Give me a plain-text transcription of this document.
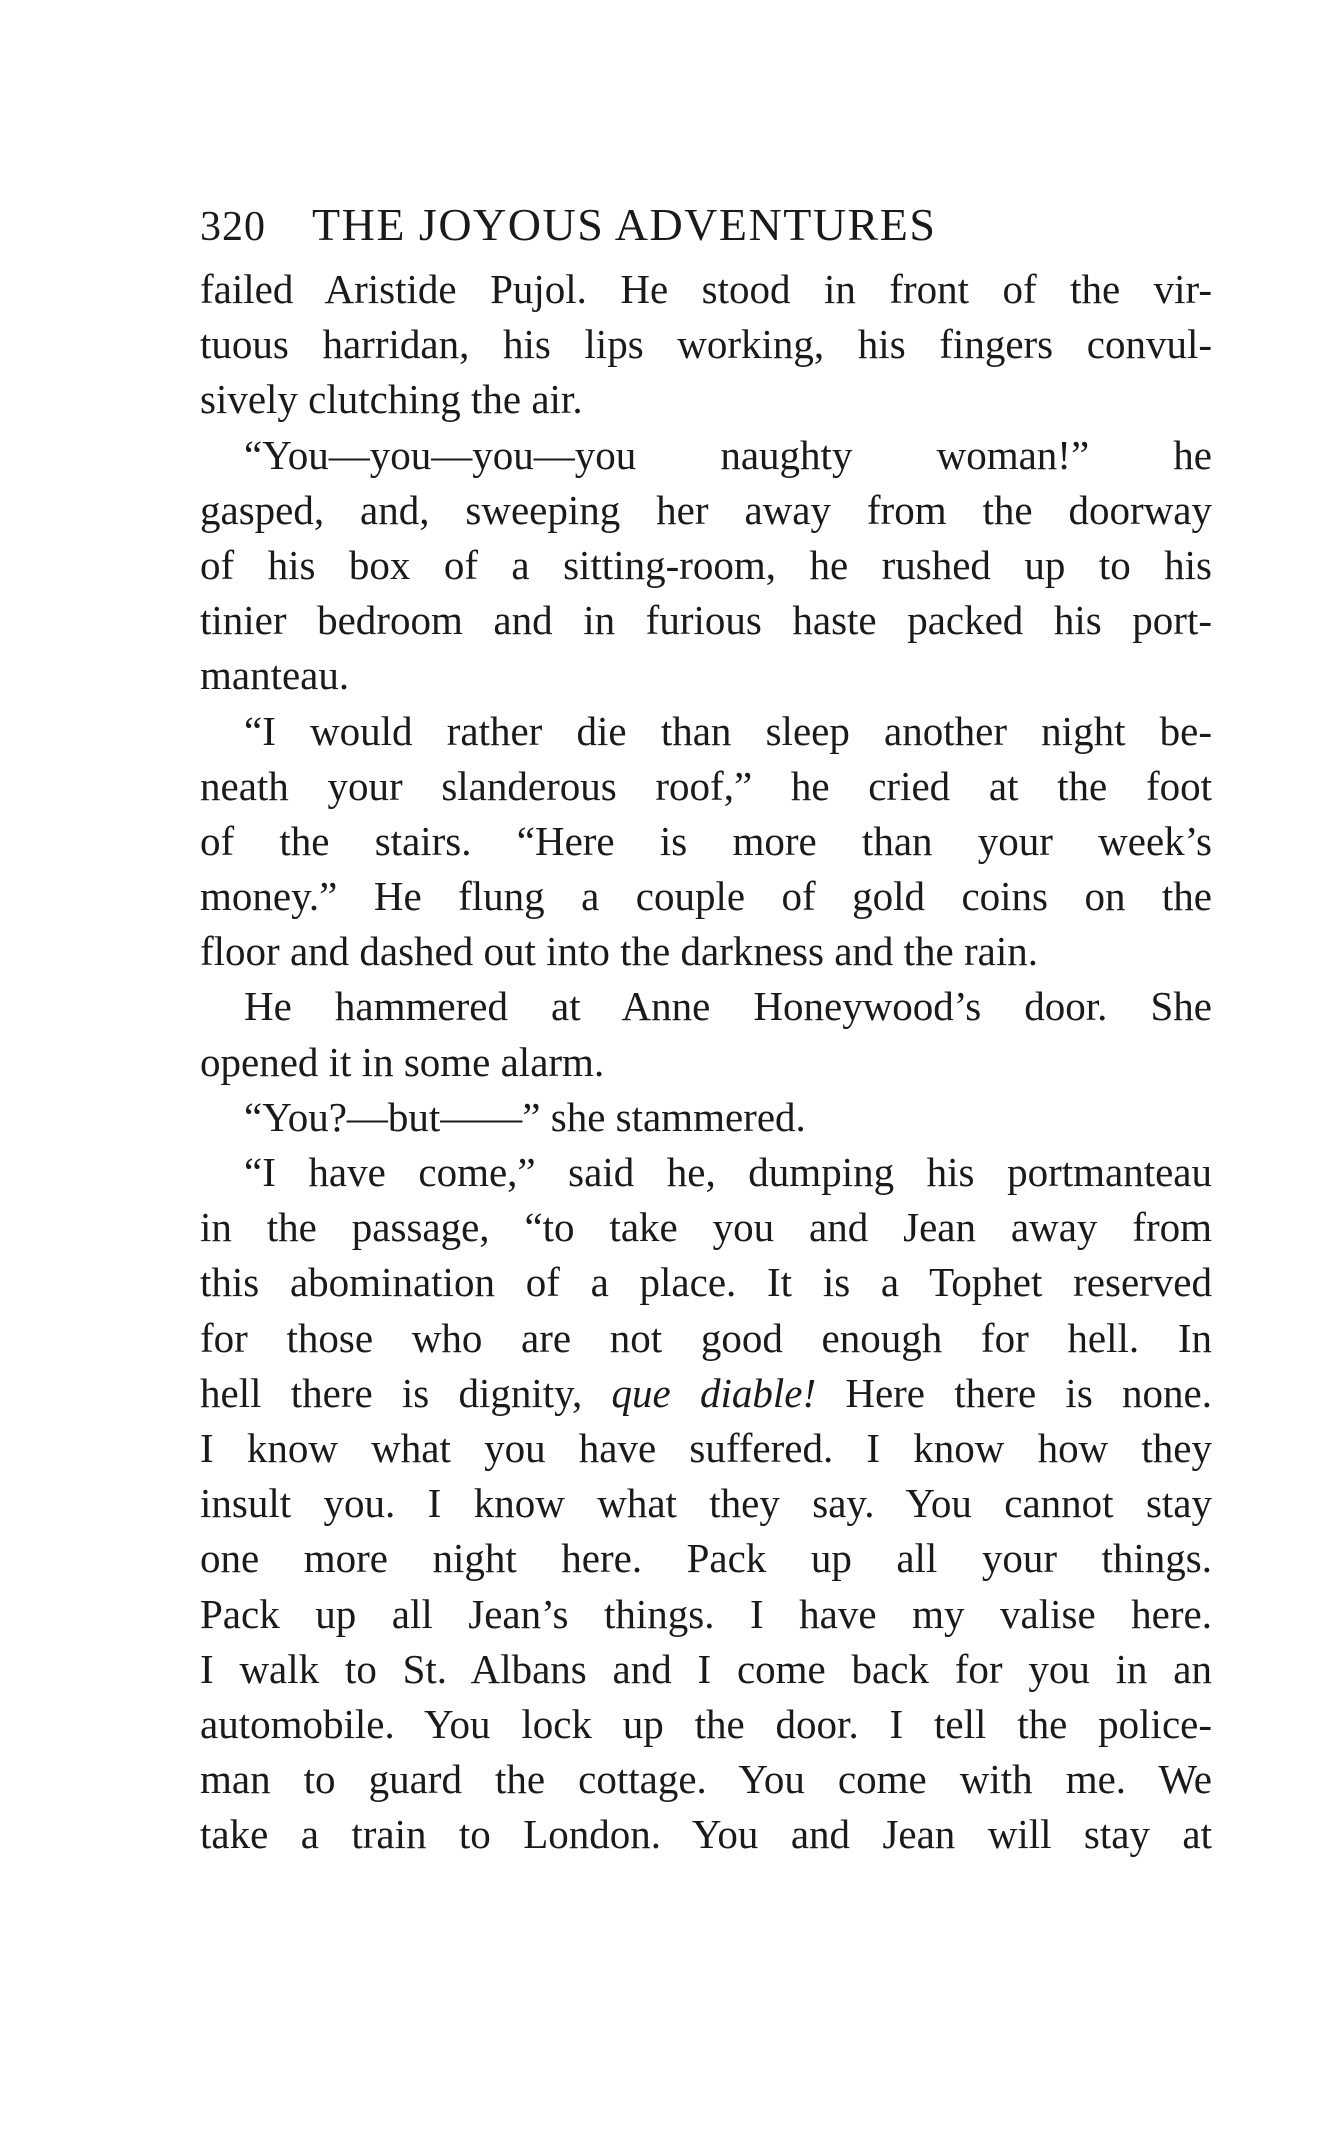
320	THE JOYOUS ADVENTURES
failed Aristide Pujol. He stood in front of the vir-
tuous harridan, his lips working, his fingers convul-
sively clutching the air.
“You—you—you—you naughty woman!” he
gasped, and, sweeping her away from the doorway
of his box of a sitting-room, he rushed up to his
tinier bedroom and in furious haste packed his port-
manteau.
“I would rather die than sleep another night be-
neath your slanderous roof,” he cried at the foot
of the stairs. “Here is more than your week’s
money.” He flung a couple of gold coins on the
floor and dashed out into the darkness and the rain.
He hammered at Anne Honeywood’s door. She
opened it in some alarm.
“You?—but——” she stammered.
“I have come,” said he, dumping his portmanteau
in the passage, “to take you and Jean away from
this abomination of a place. It is a Tophet reserved
for those who are not good enough for hell. In
hell there is dignity, que diable! Here there is none.
I know what you have suffered. I know how they
insult you. I know what they say. You cannot stay
one more night here. Pack up all your things.
Pack up all Jean’s things. I have my valise here.
I walk to St. Albans and I come back for you in an
automobile. You lock up the door. I tell the police-
man to guard the cottage. You come with me. We
take a train to London. You and Jean will stay at
